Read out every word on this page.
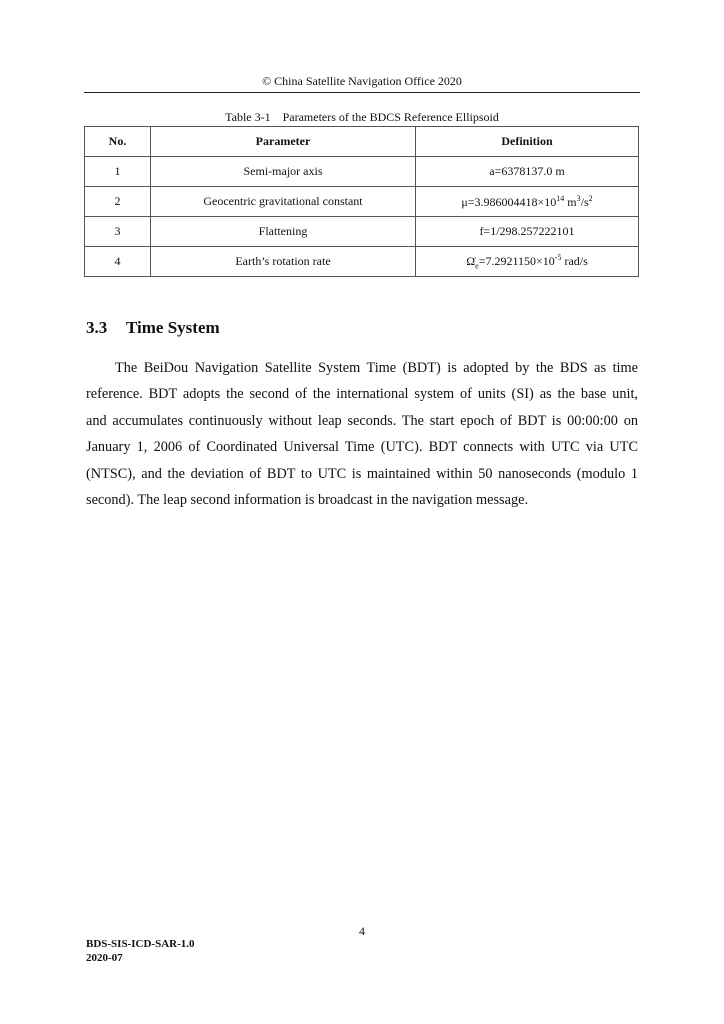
© China Satellite Navigation Office 2020
Table 3-1    Parameters of the BDCS Reference Ellipsoid
No.	Parameter	Definition
1	Semi-major axis	a=6378137.0 m
2	Geocentric gravitational constant	$\mu=3.986004418\times 10^{14}$ $m^3/s^2$
3	Flattening	f=1/298.257222101
4	Earth’s rotation rate	$\Omegȧ_e=7.2921150\times 10^{-5}$ rad/s
3.3 Time System
The BeiDou Navigation Satellite System Time (BDT) is adopted by the BDS as time
reference. BDT adopts the second of the international system of units (SI) as the base unit,
and accumulates continuously without leap seconds. The start epoch of BDT is 00:00:00 on
January 1, 2006 of Coordinated Universal Time (UTC). BDT connects with UTC via UTC
(NTSC), and the deviation of BDT to UTC is maintained within 50 nanoseconds (modulo 1
second). The leap second information is broadcast in the navigation message.
4
BDS-SIS-ICD-SAR-1.0
2020-07
